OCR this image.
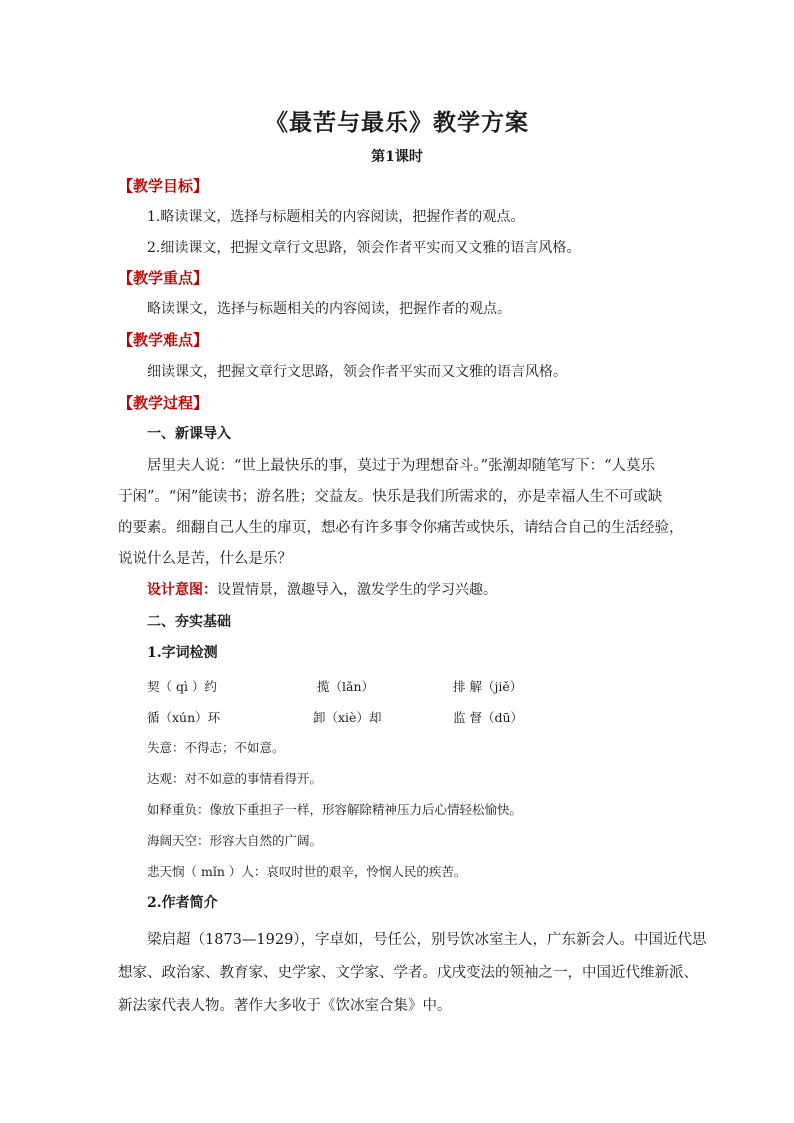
《最苦与最乐》教学方案
第1课时
【教学目标】
1.略读课文，选择与标题相关的内容阅读，把握作者的观点。
2.细读课文，把握文章行文思路，领会作者平实而又文雅的语言风格。
【教学重点】
略读课文，选择与标题相关的内容阅读，把握作者的观点。
【教学难点】
细读课文，把握文章行文思路，领会作者平实而又文雅的语言风格。
【教学过程】
一、新课导入
居里夫人说：“世上最快乐的事，莫过于为理想奋斗。”张潮却随笔写下：“人莫乐
于闲”。“闲”能读书；游名胜；交益友。快乐是我们所需求的，亦是幸福人生不可或缺
的要素。细翻自己人生的扉页，想必有许多事令你痛苦或快乐，请结合自己的生活经验，
说说什么是苦，什么是乐？
设计意图：设置情景，激趣导入，激发学生的学习兴趣。
二、夯实基础
1.字词检测
契（ qì ）约	揽（lǎn）	排 解（jiě）
循（xún）环	卸（xiè）却	监 督（dū）
失意：不得志；不如意。
达观：对不如意的事情看得开。
如释重负：像放下重担子一样，形容解除精神压力后心情轻松愉快。
海阔天空：形容大自然的广阔。
悲天悯（ mǐn ）人：哀叹时世的艰辛，怜悯人民的疾苦。
2.作者简介
梁启超（1873—1929），字卓如，号任公，别号饮冰室主人，广东新会人。中国近代思
想家、政治家、教育家、史学家、文学家、学者。戊戌变法的领袖之一，中国近代维新派、
新法家代表人物。著作大多收于《饮冰室合集》中。
